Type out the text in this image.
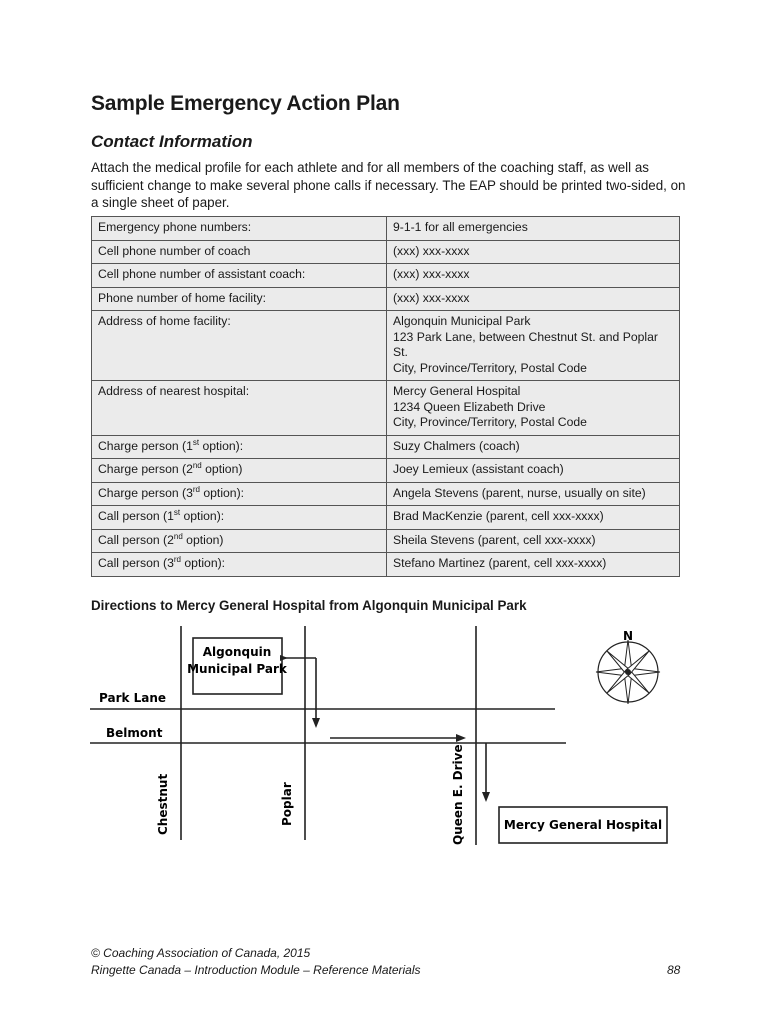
Sample Emergency Action Plan
Contact Information
Attach the medical profile for each athlete and for all members of the coaching staff, as well as sufficient change to make several phone calls if necessary. The EAP should be printed two-sided, on a single sheet of paper.
Emergency phone numbers:	9-1-1 for all emergencies

Cell phone number of coach	(xxx) xxx-xxxx

Cell phone number of assistant coach:	(xxx) xxx-xxxx

Phone number of home facility:	(xxx) xxx-xxxx

Address of home facility:	Algonquin Municipal Park
123 Park Lane, between Chestnut St. and Poplar St.
City, Province/Territory, Postal Code

Address of nearest hospital:	Mercy General Hospital
1234 Queen Elizabeth Drive
City, Province/Territory, Postal Code

Charge person (1st option):	Suzy Chalmers (coach)

Charge person (2nd option)	Joey Lemieux (assistant coach)

Charge person (3rd option):	Angela Stevens (parent, nurse, usually on site)

Call person (1st option):	Brad MacKenzie (parent, cell xxx-xxxx)

Call person (2nd option)	Sheila Stevens (parent, cell xxx-xxxx)

Call person (3rd option):	Stefano Martinez (parent, cell xxx-xxxx)
Directions to Mercy General Hospital from Algonquin Municipal Park
N
Algonquin
Municipal Park
Park Lane
Belmont
Mercy General Hospital
Chestnut	Poplar	Queen E. Drive
© Coaching Association of Canada, 2015
Ringette Canada – Introduction Module – Reference Materials	88
